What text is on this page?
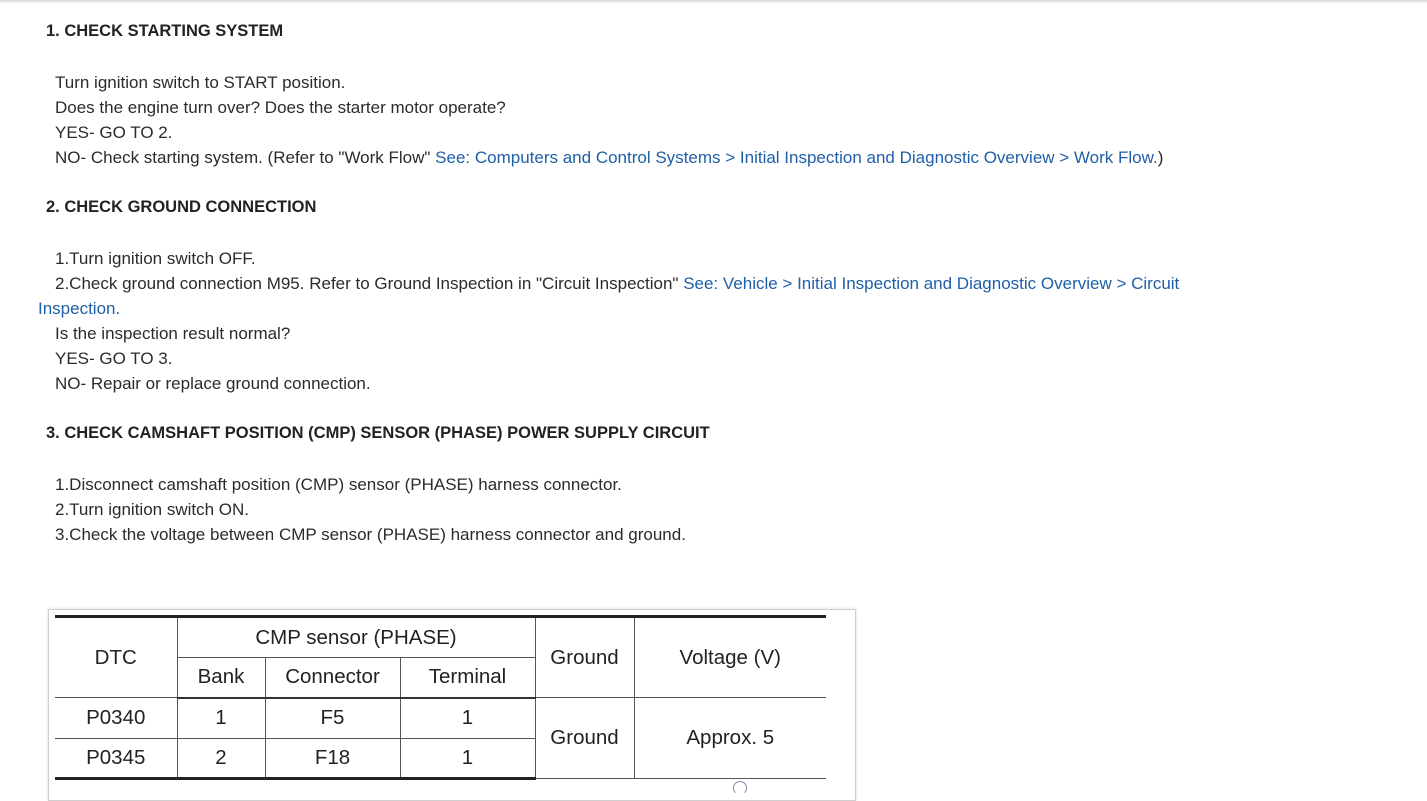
1. CHECK STARTING SYSTEM
Turn ignition switch to START position.
Does the engine turn over? Does the starter motor operate?
YES- GO TO 2.
NO- Check starting system. (Refer to "Work Flow" See: Computers and Control Systems > Initial Inspection and Diagnostic Overview > Work Flow.)
2. CHECK GROUND CONNECTION
1.Turn ignition switch OFF.
2.Check ground connection M95. Refer to Ground Inspection in "Circuit Inspection" See: Vehicle > Initial Inspection and Diagnostic Overview > Circuit
Inspection.
Is the inspection result normal?
YES- GO TO 3.
NO- Repair or replace ground connection.
3. CHECK CAMSHAFT POSITION (CMP) SENSOR (PHASE) POWER SUPPLY CIRCUIT
1.Disconnect camshaft position (CMP) sensor (PHASE) harness connector.
2.Turn ignition switch ON.
3.Check the voltage between CMP sensor (PHASE) harness connector and ground.
DTC	CMP sensor (PHASE)			Ground	Voltage (V)
	Bank	Connector	Terminal		
P0340	1	F5	1	Ground	Approx. 5
P0345	2	F18	1		
